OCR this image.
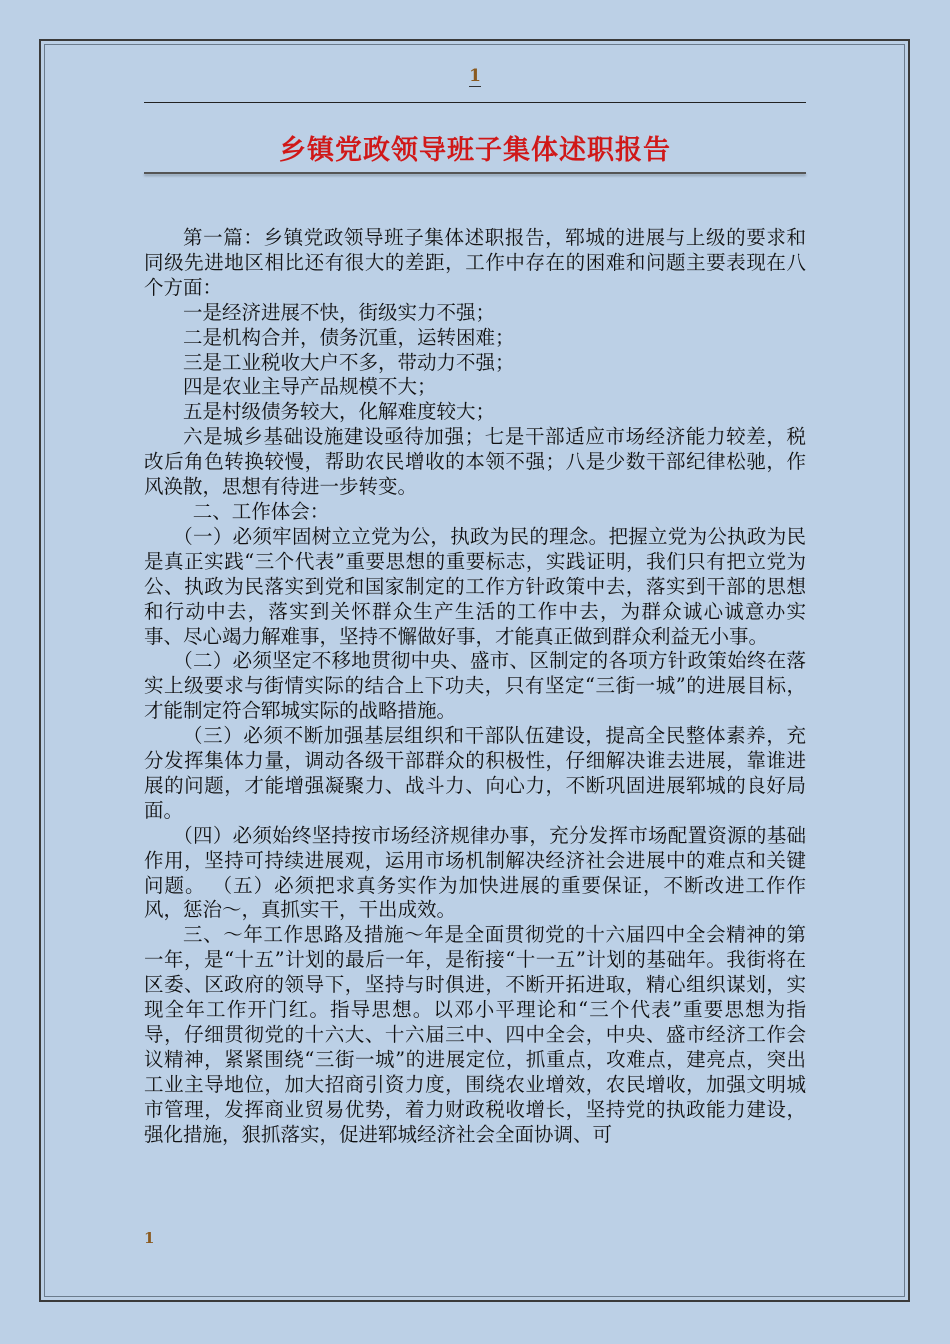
1
乡镇党政领导班子集体述职报告

第一篇：乡镇党政领导班子集体述职报告，郓城的进展与上级的要求和同级先进地区相比还有很大的差距，工作中存在的困难和问题主要表现在八个方面：

一是经济进展不快，街级实力不强；

二是机构合并，债务沉重，运转困难；

三是工业税收大户不多，带动力不强；

四是农业主导产品规模不大；

五是村级债务较大，化解难度较大；

六是城乡基础设施建设亟待加强；七是干部适应市场经济能力较差，税改后角色转换较慢，帮助农民增收的本领不强；八是少数干部纪律松驰，作风涣散，思想有待进一步转变。

二、工作体会：

（一）必须牢固树立立党为公，执政为民的理念。把握立党为公执政为民是真正实践“三个代表”重要思想的重要标志，实践证明，我们只有把立党为公、执政为民落实到党和国家制定的工作方针政策中去，落实到干部的思想和行动中去，落实到关怀群众生产生活的工作中去，为群众诚心诚意办实事、尽心竭力解难事，坚持不懈做好事，才能真正做到群众利益无小事。

（二）必须坚定不移地贯彻中央、盛市、区制定的各项方针政策始终在落实上级要求与街情实际的结合上下功夫，只有坚定“三街一城”的进展目标，才能制定符合郓城实际的战略措施。

（三）必须不断加强基层组织和干部队伍建设，提高全民整体素养，充分发挥集体力量，调动各级干部群众的积极性，仔细解决谁去进展，靠谁进展的问题，才能增强凝聚力、战斗力、向心力，不断巩固进展郓城的良好局面。

（四）必须始终坚持按市场经济规律办事，充分发挥市场配置资源的基础作用，坚持可持续进展观，运用市场机制解决经济社会进展中的难点和关键问题。 （五）必须把求真务实作为加快进展的重要保证，不断改进工作作风，惩治～，真抓实干，干出成效。

三、～年工作思路及措施～年是全面贯彻党的十六届四中全会精神的第一年，是“十五”计划的最后一年，是衔接“十一五”计划的基础年。我街将在区委、区政府的领导下，坚持与时俱进，不断开拓进取，精心组织谋划，实现全年工作开门红。指导思想。以邓小平理论和“三个代表”重要思想为指导，仔细贯彻党的十六大、十六届三中、四中全会，中央、盛市经济工作会议精神，紧紧围绕“三街一城”的进展定位，抓重点，攻难点，建亮点，突出工业主导地位，加大招商引资力度，围绕农业增效，农民增收，加强文明城市管理，发挥商业贸易优势，着力财政税收增长，坚持党的执政能力建设，强化措施，狠抓落实，促进郓城经济社会全面协调、可

1
